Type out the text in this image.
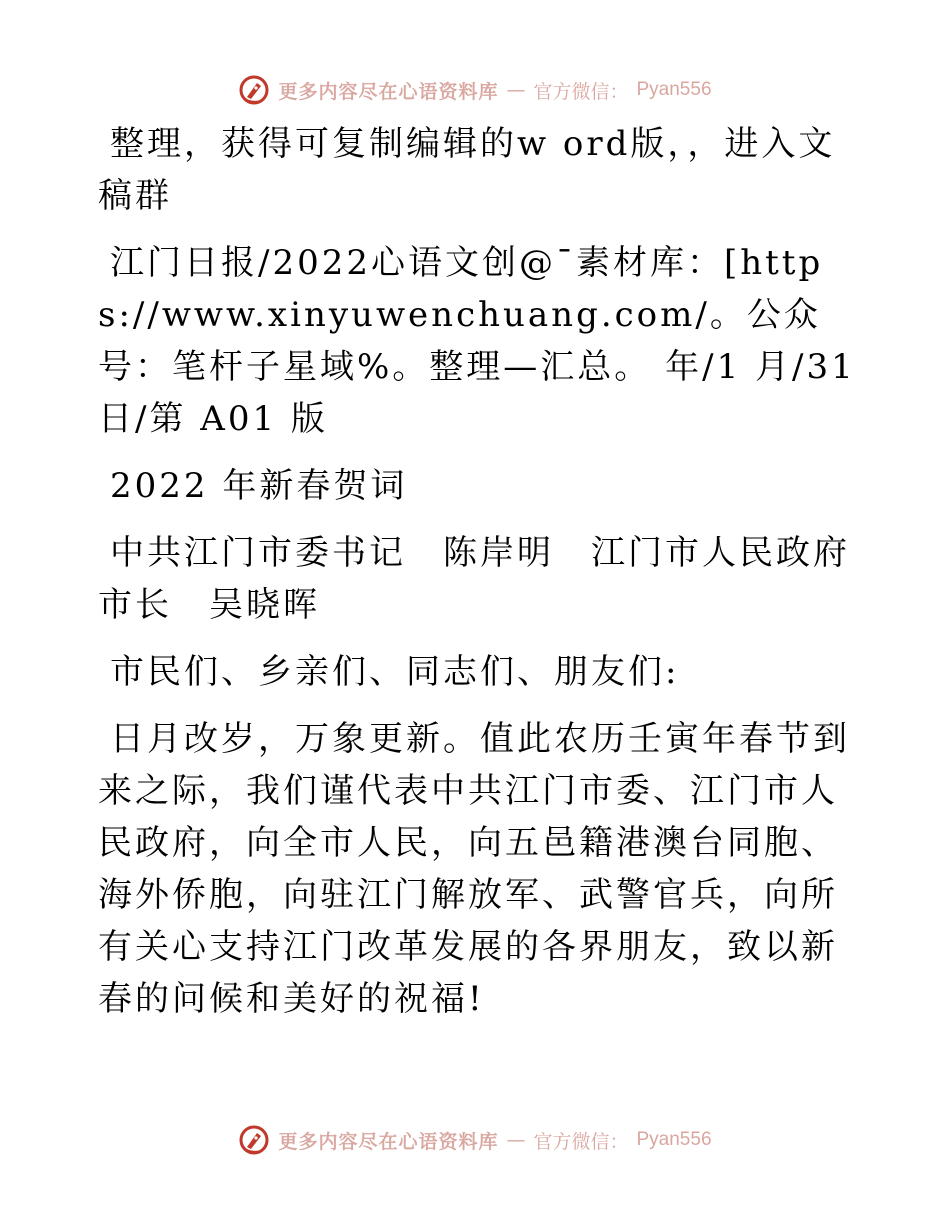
更多内容尽在心语资料库 — 官方微信： Pyan556

整理，获得可复制编辑的w ord版，，进入文稿群

江门日报/2022心语文创@¯素材库：[https://www.xinyuwenchuang.com/。公众号：笔杆子星域%。整理—汇总。 年/1 月/31 日/第 A01 版

2022 年新春贺词

中共江门市委书记　陈岸明　江门市人民政府市长　吴晓晖

市民们、乡亲们、同志们、朋友们:

日月改岁，万象更新。值此农历壬寅年春节到来之际，我们谨代表中共江门市委、江门市人民政府，向全市人民，向五邑籍港澳台同胞、海外侨胞，向驻江门解放军、武警官兵，向所有关心支持江门改革发展的各界朋友，致以新春的问候和美好的祝福!

更多内容尽在心语资料库 — 官方微信： Pyan556
